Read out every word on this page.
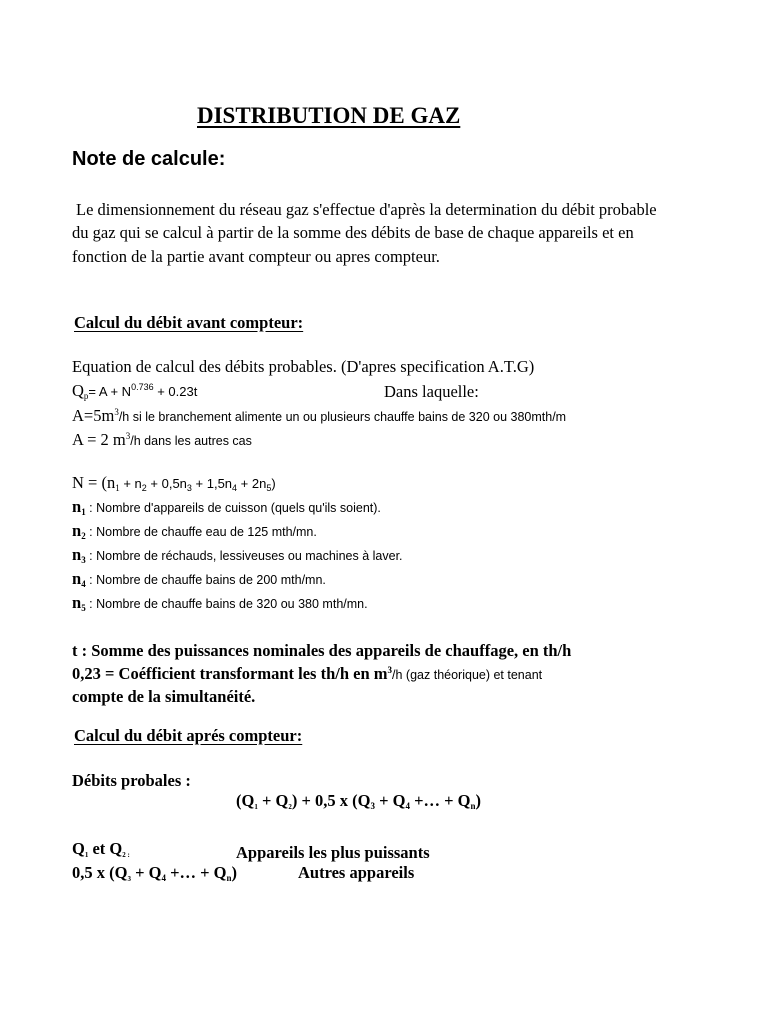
DISTRIBUTION DE GAZ
Note de calcule:
Le dimensionnement du réseau gaz s'effectue d'après la determination du débit probable du gaz qui se calcul à partir de la somme des débits de base de chaque appareils et en fonction de la partie avant compteur ou apres compteur.
Calcul du débit avant compteur:
Equation de calcul des débits probables. (D'apres specification A.T.G)
$Q_p= A + N^{0.736} + 0.23t$	Dans laquelle:
$A=5m^3/h$ si le branchement alimente un ou plusieurs chauffe bains de 320 ou 380mth/m
A = 2 $m^3/h$ dans les autres cas
$N = (n_1 + n_2 + 0,5n_3 + 1,5n_4 + 2n_5)$
$n_1$ : Nombre d'appareils de cuisson (quels qu'ils soient).
$n_2$ : Nombre de chauffe eau de 125 mth/mn.
$n_3$ : Nombre de réchauds, lessiveuses ou machines à laver.
$n_4$ : Nombre de chauffe bains de 200 mth/mn.
$n_5$ : Nombre de chauffe bains de 320 ou 380 mth/mn.
t : Somme des puissances nominales des appareils de chauffage, en th/h
0,23 = Coéfficient transformant les th/h en $m^3/h$ (gaz théorique) et tenant
compte de la simultanéité.
Calcul du débit aprés compteur:
Débits probales :
$(Q_1 + Q_2) + 0,5$ x ($Q_3 + Q_4$ +… + $Q_n$)
$Q_1$ et $Q_{2 :}$	Appareils les plus puissants
0,5 x ($Q_3 + Q_4$ +… + $Q_n$)	Autres appareils
